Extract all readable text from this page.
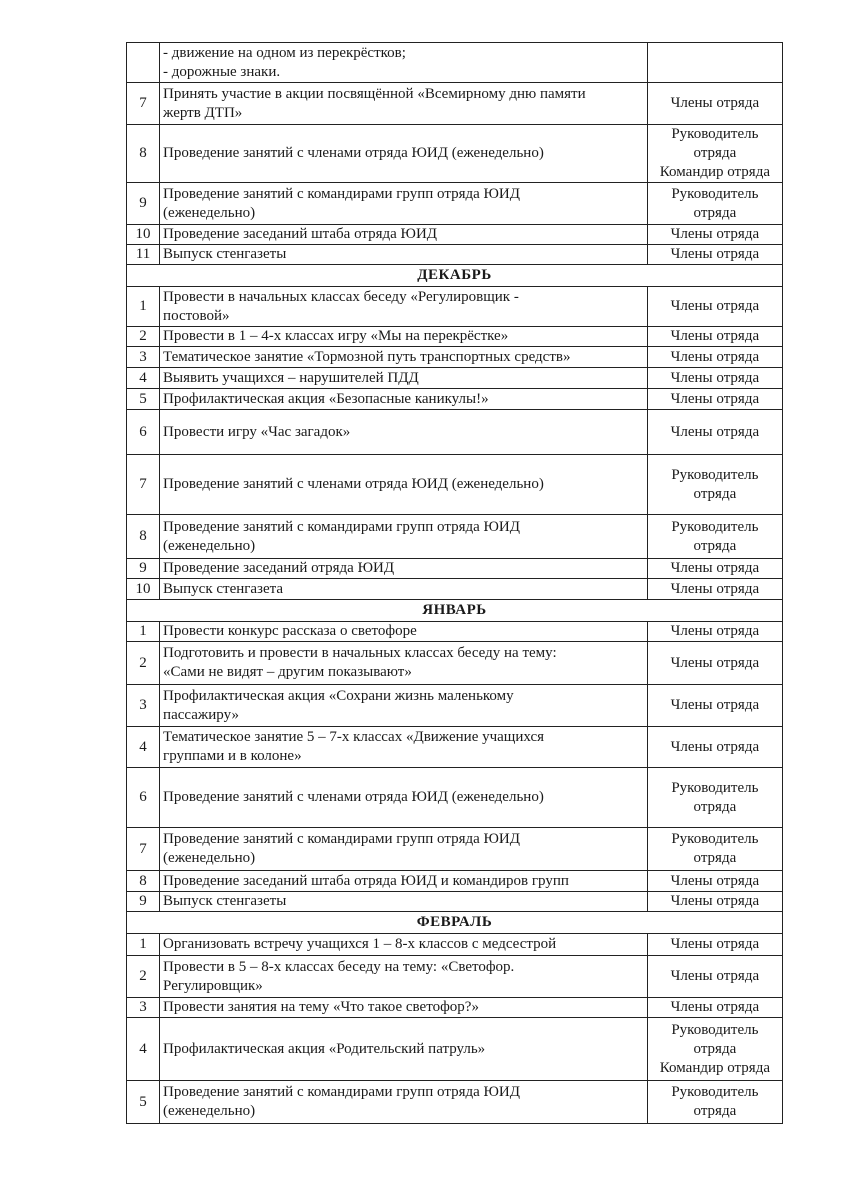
	- движение на одном из перекрёстков;
- дорожные знаки.	

7	Принять участие в акции посвящённой «Всемирному дню памяти
жертв ДТП»	Члены отряда

8	Проведение занятий с членами отряда ЮИД (еженедельно)	Руководитель
отряда
Командир отряда

9	Проведение занятий с командирами групп отряда ЮИД
(еженедельно)	Руководитель
отряда

10	Проведение заседаний штаба отряда ЮИД	Члены отряда

11	Выпуск стенгазеты	Члены отряда

ДЕКАБРЬ		
1	Провести в начальных классах беседу «Регулировщик -
постовой»	Члены отряда

2	Провести в 1 – 4-х классах игру «Мы на перекрёстке»	Члены отряда

3	Тематическое занятие «Тормозной путь транспортных средств»	Члены отряда

4	Выявить учащихся – нарушителей ПДД	Члены отряда

5	Профилактическая акция «Безопасные каникулы!»	Члены отряда

6	Провести игру «Час загадок»	Члены отряда

7	Проведение занятий с членами отряда ЮИД (еженедельно)	Руководитель
отряда

8	Проведение занятий с командирами групп отряда ЮИД
(еженедельно)	Руководитель
отряда

9	Проведение заседаний отряда ЮИД	Члены отряда

10	Выпуск стенгазета	Члены отряда

ЯНВАРЬ		
1	Провести конкурс рассказа о светофоре	Члены отряда

2	Подготовить и провести в начальных классах беседу на тему:
«Сами не видят – другим показывают»	Члены отряда

3	Профилактическая акция «Сохрани жизнь маленькому
пассажиру»	Члены отряда

4	Тематическое занятие 5 – 7-х классах «Движение учащихся
группами и в колоне»	Члены отряда

6	Проведение занятий с членами отряда ЮИД (еженедельно)	Руководитель
отряда

7	Проведение занятий с командирами групп отряда ЮИД
(еженедельно)	Руководитель
отряда

8	Проведение заседаний штаба отряда ЮИД и командиров групп	Члены отряда

9	Выпуск стенгазеты	Члены отряда

ФЕВРАЛЬ		
1	Организовать встречу учащихся 1 – 8-х классов с медсестрой	Члены отряда

2	Провести в 5 – 8-х классах беседу на тему: «Светофор.
Регулировщик»	Члены отряда

3	Провести занятия на тему «Что такое светофор?»	Члены отряда

4	Профилактическая акция «Родительский патруль»	Руководитель
отряда
Командир отряда

5	Проведение занятий с командирами групп отряда ЮИД
(еженедельно)	Руководитель
отряда
